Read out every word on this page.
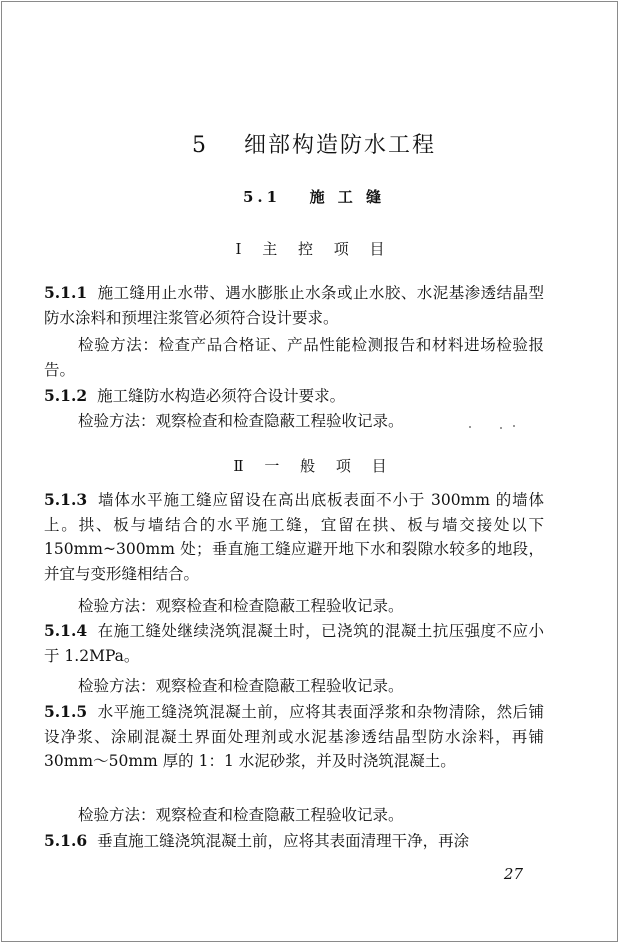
5 细部构造防水工程
5.1 施 工 缝
Ⅰ 主 控 项 目
5.1.1 施工缝用止水带、遇水膨胀止水条或止水胶、水泥基渗透结晶型防水涂料和预埋注浆管必须符合设计要求。
检验方法：检查产品合格证、产品性能检测报告和材料进场检验报告。
5.1.2 施工缝防水构造必须符合设计要求。
检验方法：观察检查和检查隐蔽工程验收记录。
Ⅱ 一 般 项 目
5.1.3 墙体水平施工缝应留设在高出底板表面不小于 300mm 的墙体上。拱、板与墙结合的水平施工缝，宜留在拱、板与墙交接处以下 150mm~300mm 处；垂直施工缝应避开地下水和裂隙水较多的地段，并宜与变形缝相结合。
检验方法：观察检查和检查隐蔽工程验收记录。
5.1.4 在施工缝处继续浇筑混凝土时，已浇筑的混凝土抗压强度不应小于 1.2MPa。
检验方法：观察检查和检查隐蔽工程验收记录。
5.1.5 水平施工缝浇筑混凝土前，应将其表面浮浆和杂物清除，然后铺设净浆、涂刷混凝土界面处理剂或水泥基渗透结晶型防水涂料，再铺 30mm～50mm 厚的 1：1 水泥砂浆，并及时浇筑混凝土。
检验方法：观察检查和检查隐蔽工程验收记录。
5.1.6 垂直施工缝浇筑混凝土前，应将其表面清理干净，再涂
27
